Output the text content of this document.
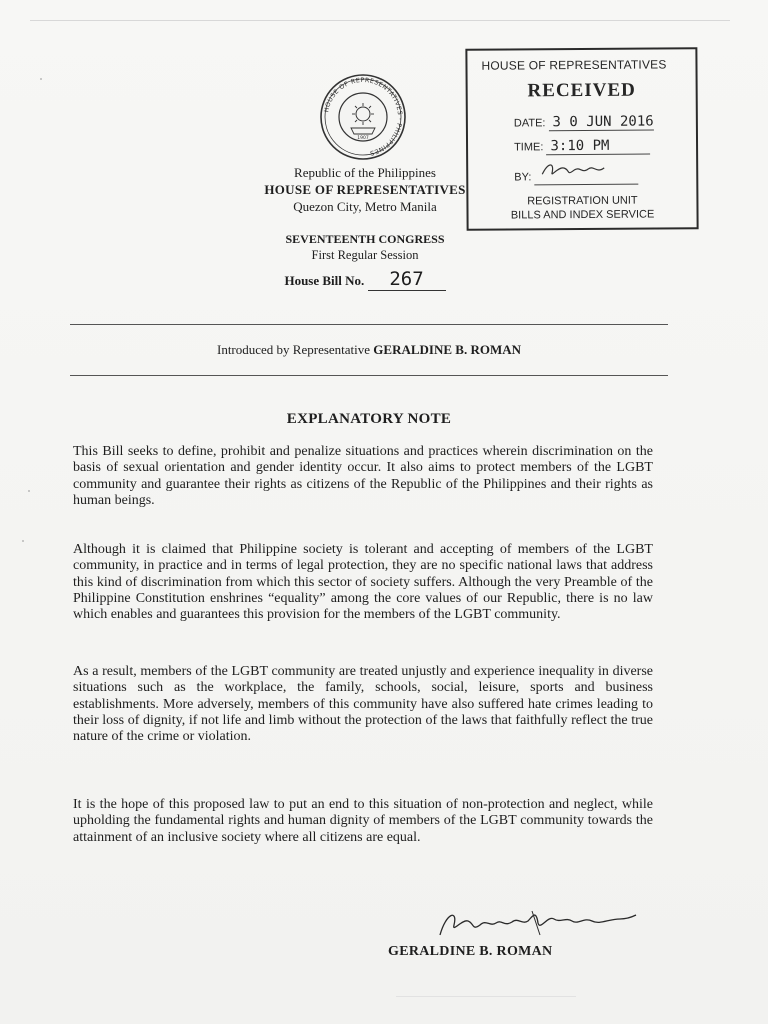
1907
HOUSE OF REPRESENTATIVES · PHILIPPINES
Republic of the Philippines
HOUSE OF REPRESENTATIVES
Quezon City, Metro Manila
SEVENTEENTH CONGRESS
First Regular Session
House Bill No. 267
HOUSE OF REPRESENTATIVES
RECEIVED
DATE: 3 0 JUN 2016
TIME: 3:10 PM
BY:
REGISTRATION UNIT
BILLS AND INDEX SERVICE
Introduced by Representative GERALDINE B. ROMAN
EXPLANATORY NOTE
This Bill seeks to define, prohibit and penalize situations and practices wherein discrimination on the basis of sexual orientation and gender identity occur. It also aims to protect members of the LGBT community and guarantee their rights as citizens of the Republic of the Philippines and their rights as human beings.
Although it is claimed that Philippine society is tolerant and accepting of members of the LGBT community, in practice and in terms of legal protection, they are no specific national laws that address this kind of discrimination from which this sector of society suffers. Although the very Preamble of the Philippine Constitution enshrines “equality” among the core values of our Republic, there is no law which enables and guarantees this provision for the members of the LGBT community.
As a result, members of the LGBT community are treated unjustly and experience inequality in diverse situations such as the workplace, the family, schools, social, leisure, sports and business establishments. More adversely, members of this community have also suffered hate crimes leading to their loss of dignity, if not life and limb without the protection of the laws that faithfully reflect the true nature of the crime or violation.
It is the hope of this proposed law to put an end to this situation of non-protection and neglect, while upholding the fundamental rights and human dignity of members of the LGBT community towards the attainment of an inclusive society where all citizens are equal.
GERALDINE B. ROMAN
